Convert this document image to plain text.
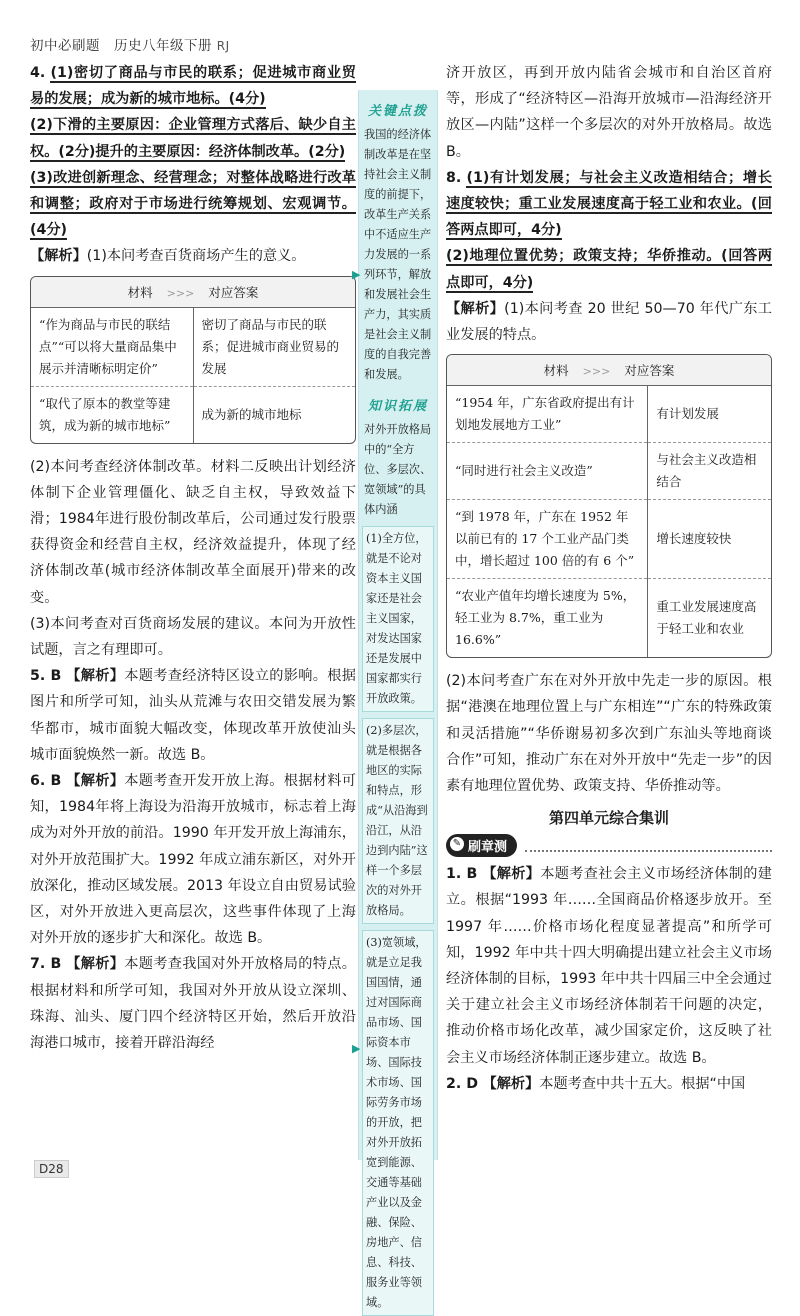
初中必刷题　历史八年级下册 RJ

4. (1)密切了商品与市民的联系；促进城市商业贸易的发展；成为新的城市地标。(4分)

(2)下滑的主要原因：企业管理方式落后、缺少自主权。(2分)提升的主要原因：经济体制改革。(2分)

(3)改进创新理念、经营理念；对整体战略进行改革和调整；政府对于市场进行统筹规划、宏观调节。(4分)

【解析】(1)本问考查百货商场产生的意义。

材料 >>> 对应答案	
“作为商品与市民的联结点”“可以将大量商品集中展示并清晰标明定价”	密切了商品与市民的联系；促进城市商业贸易的发展
“取代了原本的教堂等建筑，成为新的城市地标”	成为新的城市地标

(2)本问考查经济体制改革。材料二反映出计划经济体制下企业管理僵化、缺乏自主权，导致效益下滑；1984年进行股份制改革后，公司通过发行股票获得资金和经营自主权，经济效益提升，体现了经济体制改革(城市经济体制改革全面展开)带来的改变。

(3)本问考查对百货商场发展的建议。本问为开放性试题，言之有理即可。

5. B 【解析】本题考查经济特区设立的影响。根据图片和所学可知，汕头从荒滩与农田交错发展为繁华都市，城市面貌大幅改变，体现改革开放使汕头城市面貌焕然一新。故选 B。

6. B 【解析】本题考查开发开放上海。根据材料可知，1984年将上海设为沿海开放城市，标志着上海成为对外开放的前沿。1990 年开发开放上海浦东，对外开放范围扩大。1992 年成立浦东新区，对外开放深化，推动区域发展。2013 年设立自由贸易试验区，对外开放进入更高层次，这些事件体现了上海对外开放的逐步扩大和深化。故选 B。

7. B 【解析】本题考查我国对外开放格局的特点。根据材料和所学可知，我国对外开放从设立深圳、珠海、汕头、厦门四个经济特区开始，然后开放沿海港口城市，接着开辟沿海经

关键点拨
我国的经济体制改革是在坚持社会主义制度的前提下，改革生产关系中不适应生产力发展的一系列环节，解放和发展社会生产力，其实质是社会主义制度的自我完善和发展。
知识拓展
对外开放格局中的“全方位、多层次、宽领域”的具体内涵
(1)全方位，就是不论对资本主义国家还是社会主义国家，对发达国家还是发展中国家都实行开放政策。
(2)多层次，就是根据各地区的实际和特点，形成“从沿海到沿江，从沿边到内陆”这样一个多层次的对外开放格局。
(3)宽领域，就是立足我国国情，通过对国际商品市场、国际资本市场、国际技术市场、国际劳务市场的开放，把对外开放拓宽到能源、交通等基础产业以及金融、保险、房地产、信息、科技、服务业等领域。
▶
▶

济开放区，再到开放内陆省会城市和自治区首府等，形成了“经济特区—沿海开放城市—沿海经济开放区—内陆”这样一个多层次的对外开放格局。故选 B。

8. (1)有计划发展；与社会主义改造相结合；增长速度较快；重工业发展速度高于轻工业和农业。(回答两点即可，4分)

(2)地理位置优势；政策支持；华侨推动。(回答两点即可，4分)

【解析】(1)本问考查 20 世纪 50—70 年代广东工业发展的特点。

材料 >>> 对应答案	
“1954 年，广东省政府提出有计划地发展地方工业”	有计划发展
“同时进行社会主义改造”	与社会主义改造相结合
“到 1978 年，广东在 1952 年以前已有的 17 个工业产品门类中，增长超过 100 倍的有 6 个”	增长速度较快
“农业产值年均增长速度为 5%，轻工业为 8.7%，重工业为 16.6%”	重工业发展速度高于轻工业和农业

(2)本问考查广东在对外开放中先走一步的原因。根据“港澳在地理位置上与广东相连”“广东的特殊政策和灵活措施”“华侨谢易初多次到广东汕头等地商谈合作”可知，推动广东在对外开放中“先走一步”的因素有地理位置优势、政策支持、华侨推动等。

第四单元综合集训
✎ 刷章测

1. B 【解析】本题考查社会主义市场经济体制的建立。根据“1993 年……全国商品价格逐步放开。至 1997 年……价格市场化程度显著提高”和所学可知，1992 年中共十四大明确提出建立社会主义市场经济体制的目标，1993 年中共十四届三中全会通过关于建立社会主义市场经济体制若干问题的决定，推动价格市场化改革，减少国家定价，这反映了社会主义市场经济体制正逐步建立。故选 B。

2. D 【解析】本题考查中共十五大。根据“中国

D28
